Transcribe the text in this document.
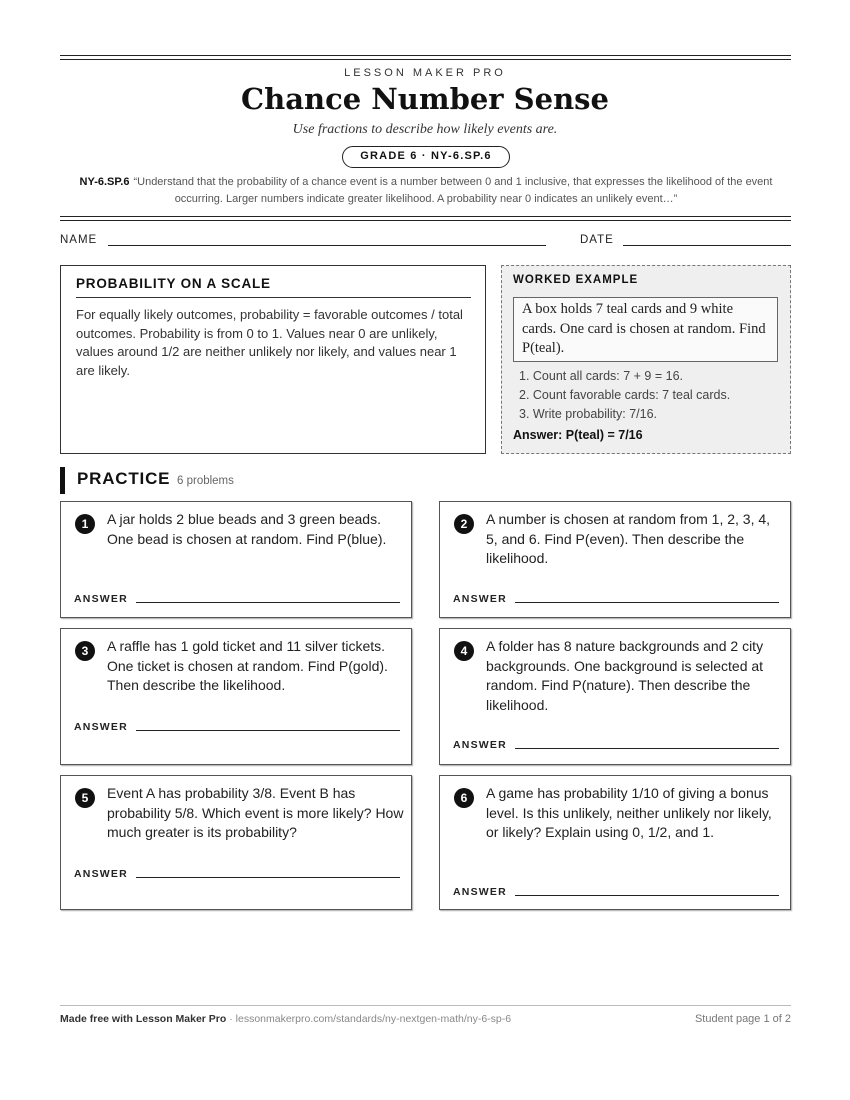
LESSON MAKER PRO
Chance Number Sense
Use fractions to describe how likely events are.
GRADE 6 · NY-6.SP.6
NY-6.SP.6 “Understand that the probability of a chance event is a number between 0 and 1 inclusive, that expresses the likelihood of the event occurring. Larger numbers indicate greater likelihood. A probability near 0 indicates an unlikely event…”
NAME	DATE
PROBABILITY ON A SCALE
For equally likely outcomes, probability = favorable outcomes / total outcomes. Probability is from 0 to 1. Values near 0 are unlikely, values around 1/2 are neither unlikely nor likely, and values near 1 are likely.
WORKED EXAMPLE
A box holds 7 teal cards and 9 white cards. One card is chosen at random. Find P(teal).
1. Count all cards: 7 + 9 = 16.
2. Count favorable cards: 7 teal cards.
3. Write probability: 7/16.
Answer: P(teal) = 7/16
PRACTICE 6 problems
1	A jar holds 2 blue beads and 3 green beads. One bead is chosen at random. Find P(blue).
ANSWER
2	A number is chosen at random from 1, 2, 3, 4, 5, and 6. Find P(even). Then describe the likelihood.
ANSWER
3	A raffle has 1 gold ticket and 11 silver tickets. One ticket is chosen at random. Find P(gold). Then describe the likelihood.
ANSWER
4	A folder has 8 nature backgrounds and 2 city backgrounds. One background is selected at random. Find P(nature). Then describe the likelihood.
ANSWER
5	Event A has probability 3/8. Event B has probability 5/8. Which event is more likely? How much greater is its probability?
ANSWER
6	A game has probability 1/10 of giving a bonus level. Is this unlikely, neither unlikely nor likely, or likely? Explain using 0, 1/2, and 1.
ANSWER
Made free with Lesson Maker Pro · lessonmakerpro.com/standards/ny-nextgen-math/ny-6-sp-6	Student page 1 of 2
